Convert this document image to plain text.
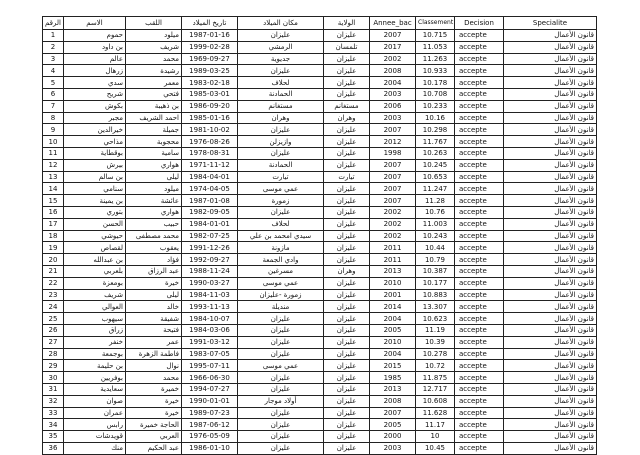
الرقم	الاسم	اللقب	تاريخ الميلاد	مكان الميلاد	الولاية	Annee_bac	Classement	Decision	Specialite
1	حموم	ميلود	1987-01-16	عليزان	عليزان	2007	10.715	accepte	قانون الأعمال
2	بن داود	شريف	1999-02-28	الرمشي	تلمسان	2017	11.053	accepte	قانون الأعمال
3	عالم	محمد	1969-09-27	جديوية	عليزان	2002	11.263	accepte	قانون الأعمال
4	زرهال	رشيدة	1989-03-25	عليزان	عليزان	2008	10.933	accepte	قانون الأعمال
5	سدي	معمر	1983-02-18	لحلاف	عليزان	2004	10.178	accepte	قانون الأعمال
6	شريح	فتحي	1985-03-01	الحمادنة	عليزان	2003	10.708	accepte	قانون الأعمال
7	بكوش	بن ذهيبة	1986-09-20	مستغانم	مستغانم	2006	10.233	accepte	قانون الأعمال
8	مجبر	احمد الشريف	1985-01-16	وهران	وهران	2003	10.16	accepte	قانون الأعمال
9	خيرالدين	جميلة	1981-10-02	عليزان	عليزان	2007	10.298	accepte	قانون الأعمال
10	مذاحي	محجوبة	1976-08-26	وازيزلن	عليزان	2012	11.767	accepte	قانون الأعمال
11	بوقطاية	سامية	1978-08-31	عليزان	عليزان	1998	10.263	accepte	قانون الأعمال
12	بيرش	هواري	1971-11-12	الحمادنة	عليزان	2007	10.245	accepte	قانون الأعمال
13	بن سالم	ليلى	1984-04-01	تيارت	تيارت	2007	10.653	accepte	قانون الأعمال
14	سنامي	ميلود	1974-04-05	عمي موسى	عليزان	2007	11.247	accepte	قانون الأعمال
15	بن يمينة	عائشة	1987-01-08	زمورة	عليزان	2007	11.28	accepte	قانون الأعمال
16	بتوري	هواري	1982-09-05	عليزان	عليزان	2002	10.76	accepte	قانون الأعمال
17	الحسن	حبيب	1984-01-01	لحلاف	عليزان	2002	11.003	accepte	قانون الأعمال
18	حيوشي	محمد مصطفى	1982-07-25	سيدي امحمد بن علي	عليزان	2002	10.243	accepte	قانون الأعمال
19	لقصاص	يعقوب	1991-12-26	مازونة	عليزان	2011	10.44	accepte	قانون الأعمال
20	بن عبدالله	فؤاد	1992-09-27	وادي الجمعة	عليزان	2011	10.79	accepte	قانون الأعمال
21	بلعربي	عبد الرزاق	1988-11-24	مسرغين	وهران	2013	10.387	accepte	قانون الأعمال
22	بومعزة	خيرة	1990-03-27	عمي موسى	عليزان	2010	10.177	accepte	قانون الأعمال
23	شريف	ليلى	1984-11-03	زمورة -عليزان	عليزان	2001	10.883	accepte	قانون الأعمال
24	العوالي	خالد	1993-11-13	منديلة	عليزان	2014	13.307	accepte	قانون الأعمال
25	سيهوب	شفيقة	1984-10-07	عليزان	عليزان	2004	10.623	accepte	قانون الأعمال
26	زراق	فتيحة	1984-03-06	عليزان	عليزان	2005	11.19	accepte	قانون الأعمال
27	خنفر	عمر	1991-03-12	عليزان	عليزان	2010	10.39	accepte	قانون الأعمال
28	بوجمعة	فاطمة الزهرة	1983-07-05	عليزان	عليزان	2004	10.278	accepte	قانون الأعمال
29	بن حليمة	نوال	1995-07-11	عمي موسى	عليزان	2015	10.72	accepte	قانون الأعمال
30	بوفريين	محمد	1966-06-30	عليزان	عليزان	1985	11.875	accepte	قانون الأعمال
31	سعايدية	خميرة	1994-07-27	عليزان	عليزان	2013	12.717	accepte	قانون الأعمال
32	صوان	خيرة	1990-01-01	أولاد موجار	عليزان	2008	10.608	accepte	قانون الأعمال
33	عمران	خيرة	1989-07-23	عليزان	عليزان	2007	11.628	accepte	قانون الأعمال
34	رابس	الحاجة خميرة	1987-06-12	عليزان	عليزان	2005	11.17	accepte	قانون الأعمال
35	قويدشات	العربي	1976-05-09	عليزان	عليزان	2000	10	accepte	قانون الأعمال
36	منك	عبد الحكيم	1986-01-10	عليزان	عليزان	2003	10.45	accepte	قانون الأعمال
